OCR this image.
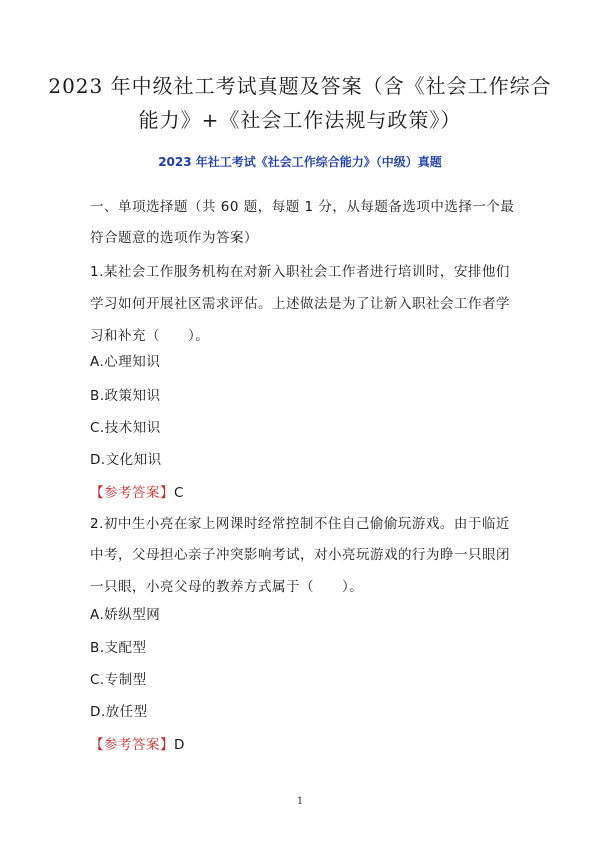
2023 年中级社工考试真题及答案（含《社会工作综合
能力》+《社会工作法规与政策》）
2023 年社工考试《社会工作综合能力》（中级）真题
一、单项选择题（共 60 题，每题 1 分，从每题备选项中选择一个最
符合题意的选项作为答案）
1.某社会工作服务机构在对新入职社会工作者进行培训时，安排他们
学习如何开展社区需求评估。上述做法是为了让新入职社会工作者学
习和补充（　　）。
A.心理知识
B.政策知识
C.技术知识
D.文化知识
【参考答案】C
2.初中生小亮在家上网课时经常控制不住自己偷偷玩游戏。由于临近
中考，父母担心亲子冲突影响考试，对小亮玩游戏的行为睁一只眼闭
一只眼，小亮父母的教养方式属于（　　）。
A.娇纵型网
B.支配型
C.专制型
D.放任型
【参考答案】D
1
